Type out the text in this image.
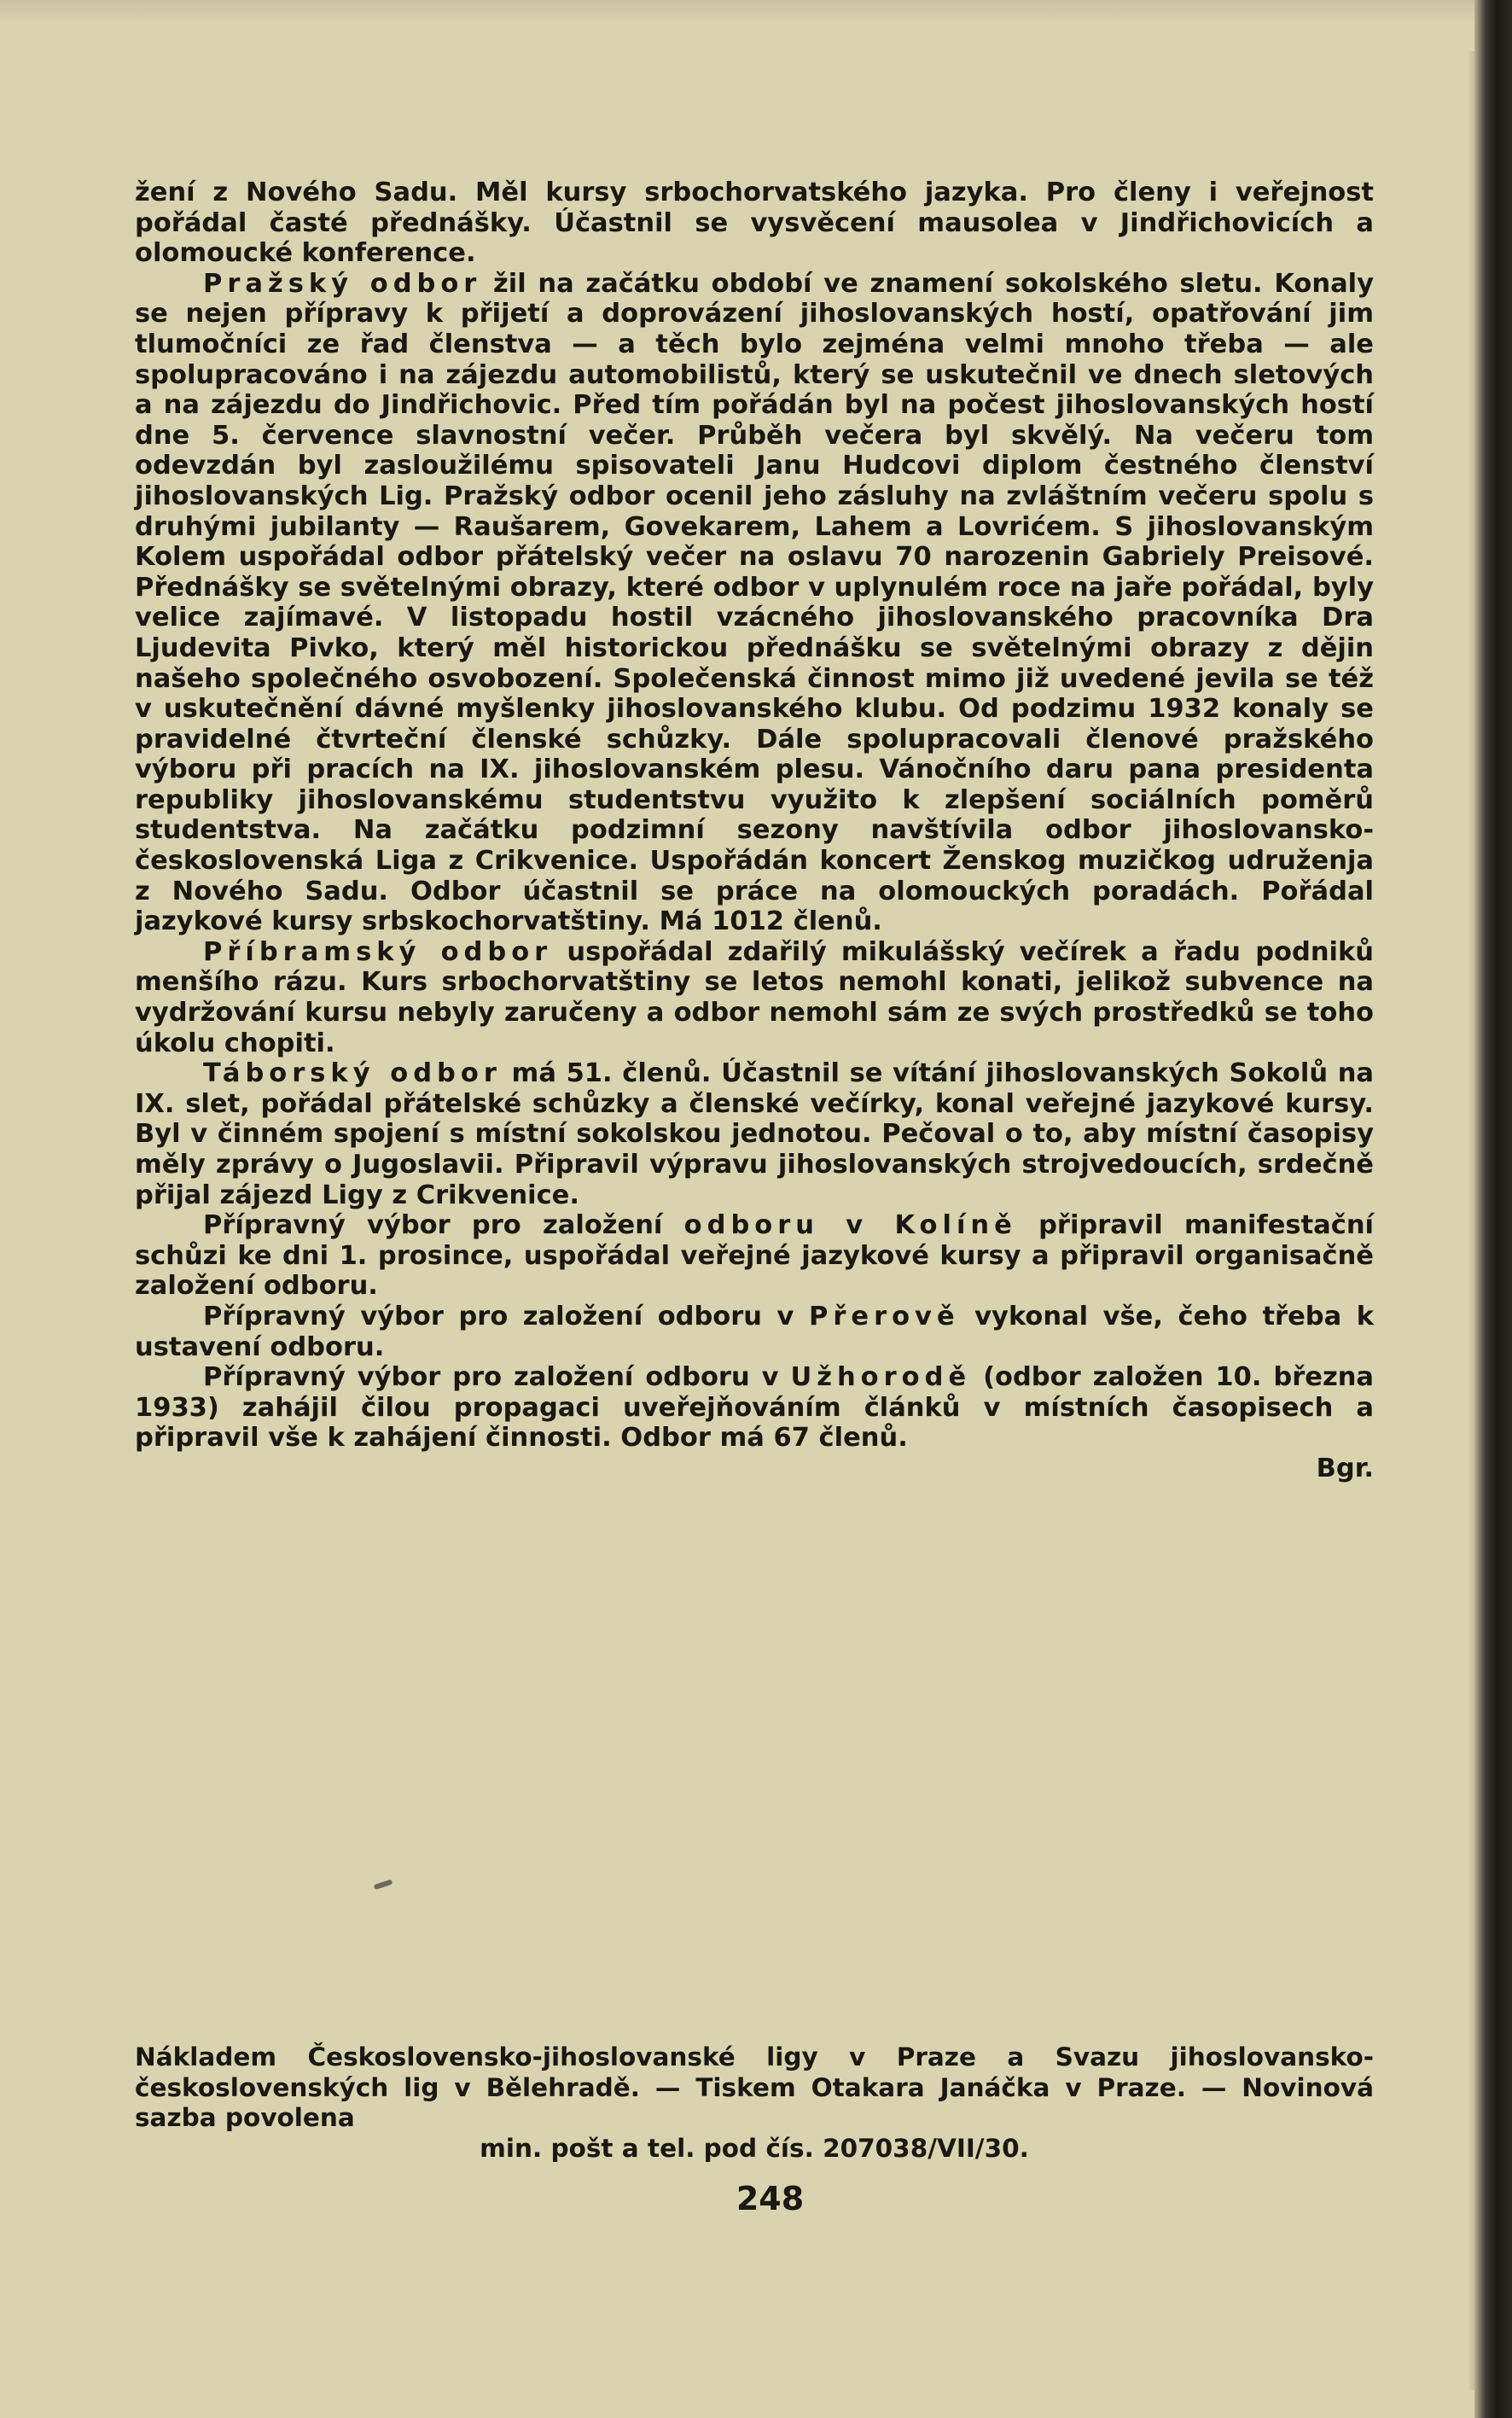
žení z Nového Sadu. Měl kursy srbochorvatského jazyka. Pro členy i veřejnost pořádal časté přednášky. Účastnil se vysvěcení mausolea v Jindřichovicích a olomoucké konference.

Pražský odbor žil na začátku období ve znamení sokolského sletu. Konaly se nejen přípravy k přijetí a doprovázení jihoslovanských hostí, opatřování jim tlumočníci ze řad členstva — a těch bylo zejména velmi mnoho třeba — ale spolupracováno i na zájezdu automobilistů, který se uskutečnil ve dnech sletových a na zájezdu do Jindřichovic. Před tím pořádán byl na počest jihoslovanských hostí dne 5. července slavnostní večer. Průběh večera byl skvělý. Na večeru tom odevzdán byl zasloužilému spisovateli Janu Hudcovi diplom čestného členství jihoslovanských Lig. Pražský odbor ocenil jeho zásluhy na zvláštním večeru spolu s druhými jubilanty — Raušarem, Govekarem, Lahem a Lovrićem. S jihoslovanským Kolem uspořádal odbor přátelský večer na oslavu 70 narozenin Gabriely Preisové. Přednášky se světelnými obrazy, které odbor v uplynulém roce na jaře pořádal, byly velice zajímavé. V listopadu hostil vzácného jihoslovanského pracovníka Dra Ljudevita Pivko, který měl historickou přednášku se světelnými obrazy z dějin našeho společného osvobození. Společenská činnost mimo již uvedené jevila se též v uskutečnění dávné myšlenky jihoslovanského klubu. Od podzimu 1932 konaly se pravidelné čtvrteční členské schůzky. Dále spolupracovali členové pražského výboru při pracích na IX. jihoslovanském plesu. Vánočního daru pana presidenta republiky jihoslovanskému studentstvu využito k zlepšení sociálních poměrů studentstva. Na začátku podzimní sezony navštívila odbor jihoslovansko-československá Liga z Crikvenice. Uspořádán koncert Ženskog muzičkog udruženja z Nového Sadu. Odbor účastnil se práce na olomouckých poradách. Pořádal jazykové kursy srbskochorvatštiny. Má 1012 členů.

Příbramský odbor uspořádal zdařilý mikulášský večírek a řadu podniků menšího rázu. Kurs srbochorvatštiny se letos nemohl konati, jelikož subvence na vydržování kursu nebyly zaručeny a odbor nemohl sám ze svých prostředků se toho úkolu chopiti.

Táborský odbor má 51. členů. Účastnil se vítání jihoslovanských Sokolů na IX. slet, pořádal přátelské schůzky a členské večírky, konal veřejné jazykové kursy. Byl v činném spojení s místní sokolskou jednotou. Pečoval o to, aby místní časopisy měly zprávy o Jugoslavii. Připravil výpravu jihoslovanských strojvedoucích, srdečně přijal zájezd Ligy z Crikvenice.

Přípravný výbor pro založení odboru v Kolíně připravil manifestační schůzi ke dni 1. prosince, uspořádal veřejné jazykové kursy a připravil organisačně založení odboru.

Přípravný výbor pro založení odboru v Přerově vykonal vše, čeho třeba k ustavení odboru.

Přípravný výbor pro založení odboru v Užhorodě (odbor založen 10. března 1933) zahájil čilou propagaci uveřejňováním článků v místních časopisech a připravil vše k zahájení činnosti. Odbor má 67 členů.

Bgr.

Nákladem Československo-jihoslovanské ligy v Praze a Svazu jihoslovansko-československých lig v Bělehradě. — Tiskem Otakara Janáčka v Praze. — Novinová sazba povolena

min. pošt a tel. pod čís. 207038/VII/30.

248
